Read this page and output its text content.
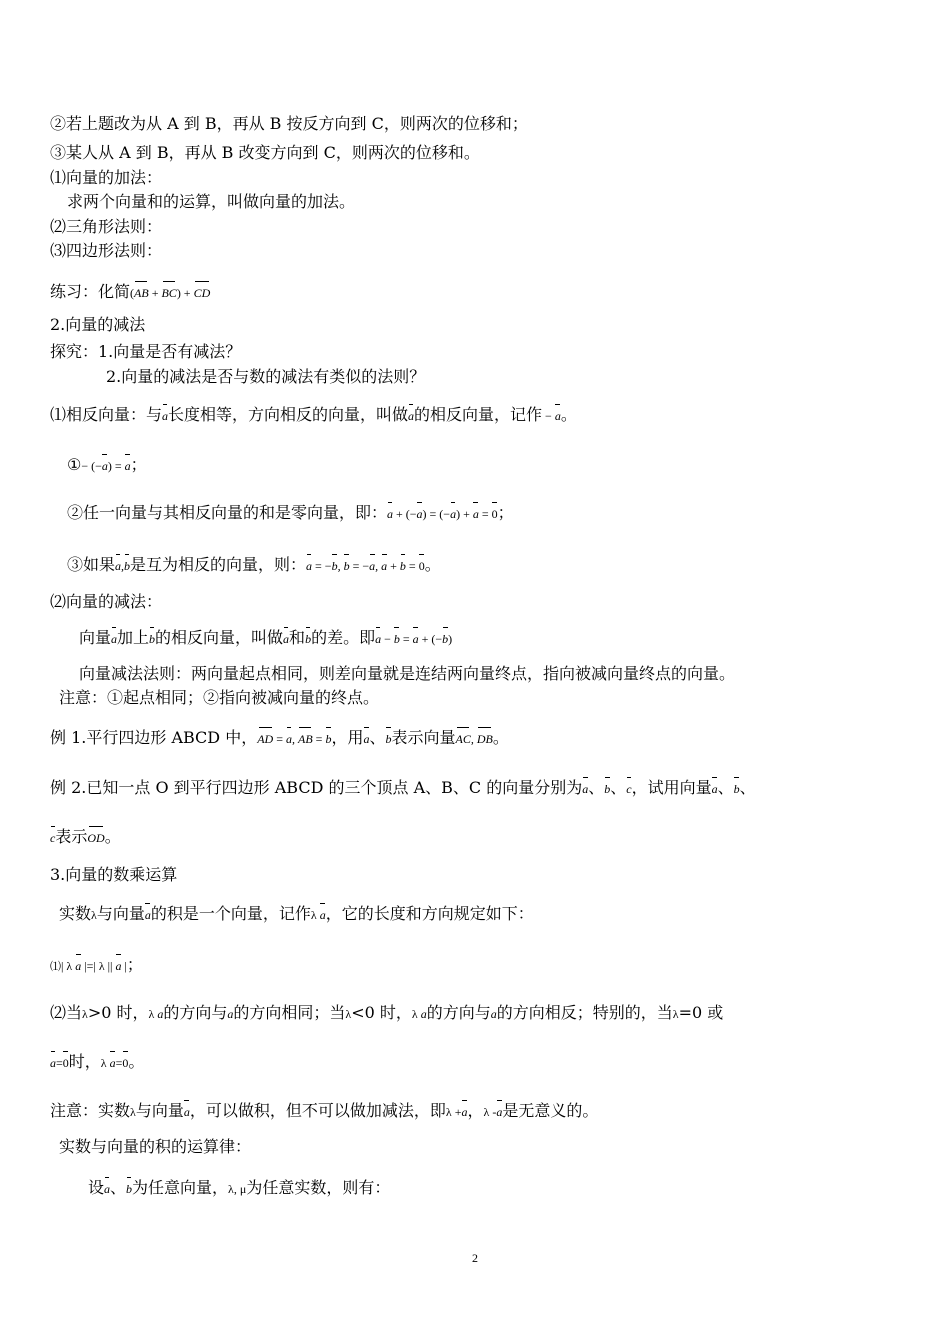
②若上题改为从 A 到 B，再从 B 按反方向到 C，则两次的位移和；
③某人从 A 到 B，再从 B 改变方向到 C，则两次的位移和。
⑴向量的加法：
求两个向量和的运算，叫做向量的加法。
⑵三角形法则：
⑶四边形法则：
练习：化简(AB + BC) + CD
2.向量的减法
探究：1.向量是否有减法？
2.向量的减法是否与数的减法有类似的法则？
⑴相反向量：与a长度相等，方向相反的向量，叫做a的相反向量，记作 − a。
①− (−a) = a；
②任一向量与其相反向量的和是零向量，即：a + (−a) = (−a) + a = 0；
③如果a,b是互为相反的向量，则：a = −b, b = −a, a + b = 0。
⑵向量的减法：
向量a加上b的相反向量，叫做a和b的差。即a − b = a + (−b)
向量减法法则：两向量起点相同，则差向量就是连结两向量终点，指向被减向量终点的向量。
注意：①起点相同；②指向被减向量的终点。
例 1.平行四边形 ABCD 中，AD = a, AB = b，用a、b表示向量AC, DB。
例 2.已知一点 O 到平行四边形 ABCD 的三个顶点 A、B、C 的向量分别为a、b、c，试用向量a、b、
c表示OD。
3.向量的数乘运算
实数λ与向量a的积是一个向量，记作λ a，它的长度和方向规定如下：
⑴| λ a |=| λ || a |；
⑵当λ>0 时，λ a的方向与a的方向相同；当λ<0 时，λ a的方向与a的方向相反；特别的，当λ=0 或
a=0时，λ a=0。
注意：实数λ与向量a，可以做积，但不可以做加减法，即λ +a，λ -a是无意义的。
实数与向量的积的运算律：
设a、b为任意向量，λ, μ为任意实数，则有：
2
